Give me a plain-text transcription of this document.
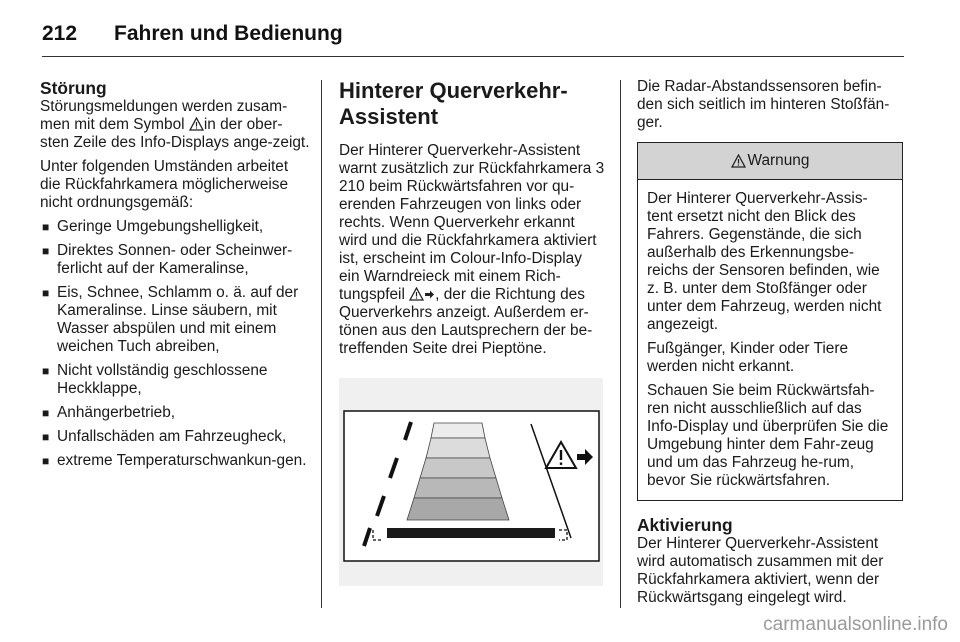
212 Fahren und Bedienung
Störung

Störungsmeldungen werden zusam-men mit dem Symbol in der ober-sten Zeile des Info-Displays ange-zeigt.

Unter folgenden Umständen arbeitet die Rückfahrkamera möglicherweise nicht ordnungsgemäß:

■ Geringe Umgebungshelligkeit,
■ Direktes Sonnen- oder Scheinwer-ferlicht auf der Kameralinse,
■ Eis, Schnee, Schlamm o. ä. auf der Kameralinse. Linse säubern, mit Wasser abspülen und mit einem weichen Tuch abreiben,
■ Nicht vollständig geschlossene Heckklappe,
■ Anhängerbetrieb,
■ Unfallschäden am Fahrzeugheck,
■ extreme Temperaturschwankun-gen.
Hinterer Querverkehr-Assistent

Der Hinterer Querverkehr-Assistent warnt zusätzlich zur Rückfahrkamera 3 210 beim Rückwärtsfahren vor qu-erenden Fahrzeugen von links oder rechts. Wenn Querverkehr erkannt wird und die Rückfahrkamera aktiviert ist, erscheint im Colour-Info-Display ein Warndreieck mit einem Rich-tungspfeil , der die Richtung des Querverkehrs anzeigt. Außerdem er-tönen aus den Lautsprechern der be-treffenden Seite drei Pieptöne.

Die Radar-Abstandssensoren befin-den sich seitlich im hinteren Stoßfän-ger.

Warnung

Der Hinterer Querverkehr-Assis-tent ersetzt nicht den Blick des Fahrers. Gegenstände, die sich außerhalb des Erkennungsbe-reichs der Sensoren befinden, wie z. B. unter dem Stoßfänger oder unter dem Fahrzeug, werden nicht angezeigt.

Fußgänger, Kinder oder Tiere werden nicht erkannt.

Schauen Sie beim Rückwärtsfah-ren nicht ausschließlich auf das Info-Display und überprüfen Sie die Umgebung hinter dem Fahr-zeug und um das Fahrzeug he-rum, bevor Sie rückwärtsfahren.

Aktivierung

Der Hinterer Querverkehr-Assistent wird automatisch zusammen mit der Rückfahrkamera aktiviert, wenn der Rückwärtsgang eingelegt wird.

carmanualsonline.info
